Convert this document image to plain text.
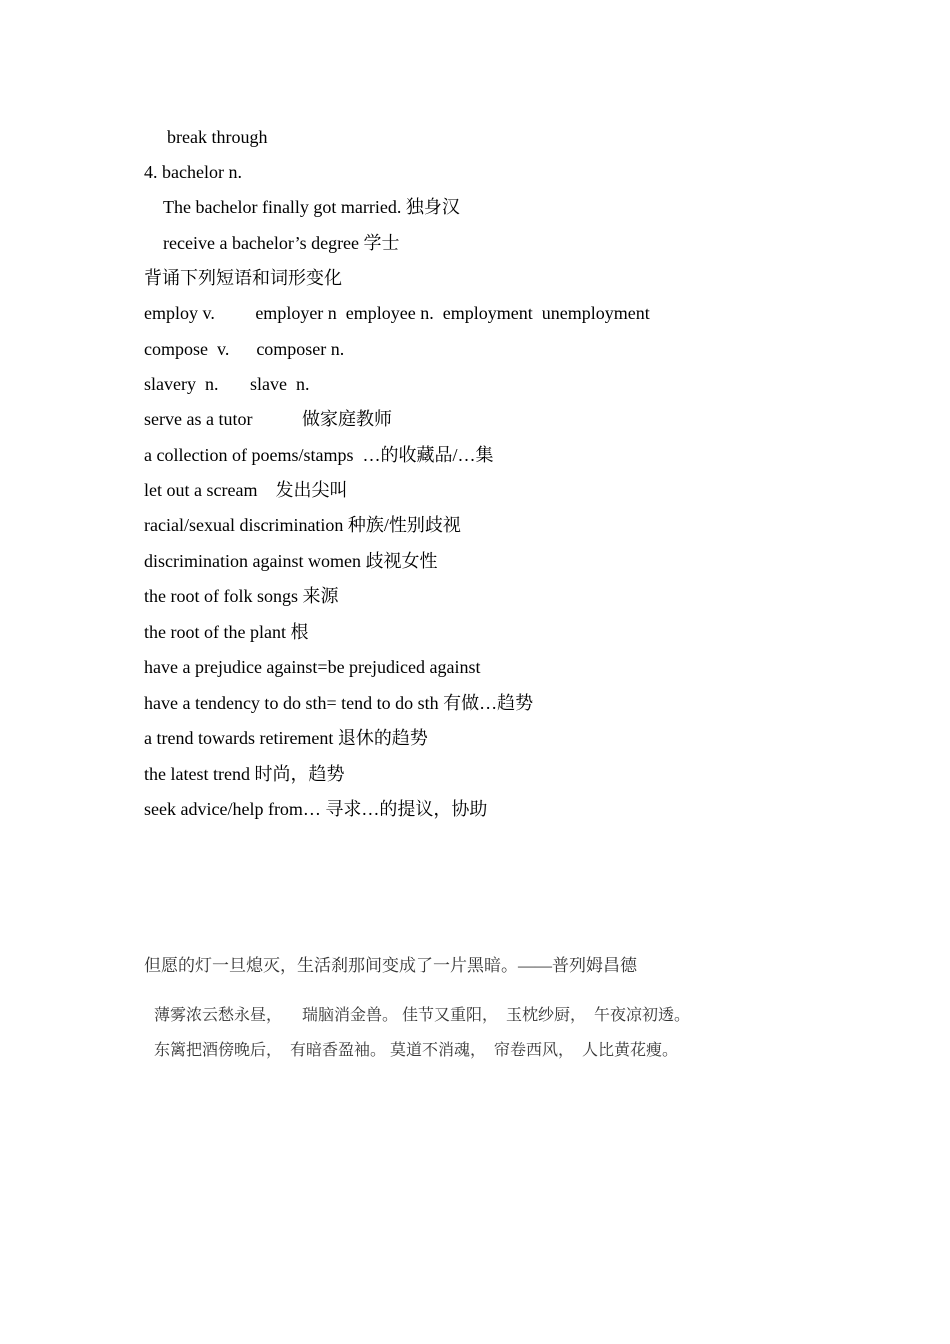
break through
4. bachelor n.
The bachelor finally got married. 独身汉
receive a bachelor’s degree 学士
背诵下列短语和词形变化
employ v.         employer n  employee n.  employment  unemployment
compose  v.      composer n.
slavery  n.       slave  n.
serve as a tutor           做家庭教师
a collection of poems/stamps  …的收藏品/…集
let out a scream    发出尖叫
racial/sexual discrimination 种族/性别歧视
discrimination against women 歧视女性
the root of folk songs 来源
the root of the plant 根
have a prejudice against=be prejudiced against
have a tendency to do sth= tend to do sth 有做…趋势
a trend towards retirement 退休的趋势
the latest trend 时尚，趋势
seek advice/help from… 寻求…的提议，协助
但愿的灯一旦熄灭，生活刹那间变成了一片黑暗。——普列姆昌德
薄雾浓云愁永昼，     瑞脑消金兽。 佳节又重阳，  玉枕纱厨，  午夜凉初透。
东篱把酒傍晚后，  有暗香盈袖。 莫道不消魂，  帘卷西风，  人比黄花瘦。
